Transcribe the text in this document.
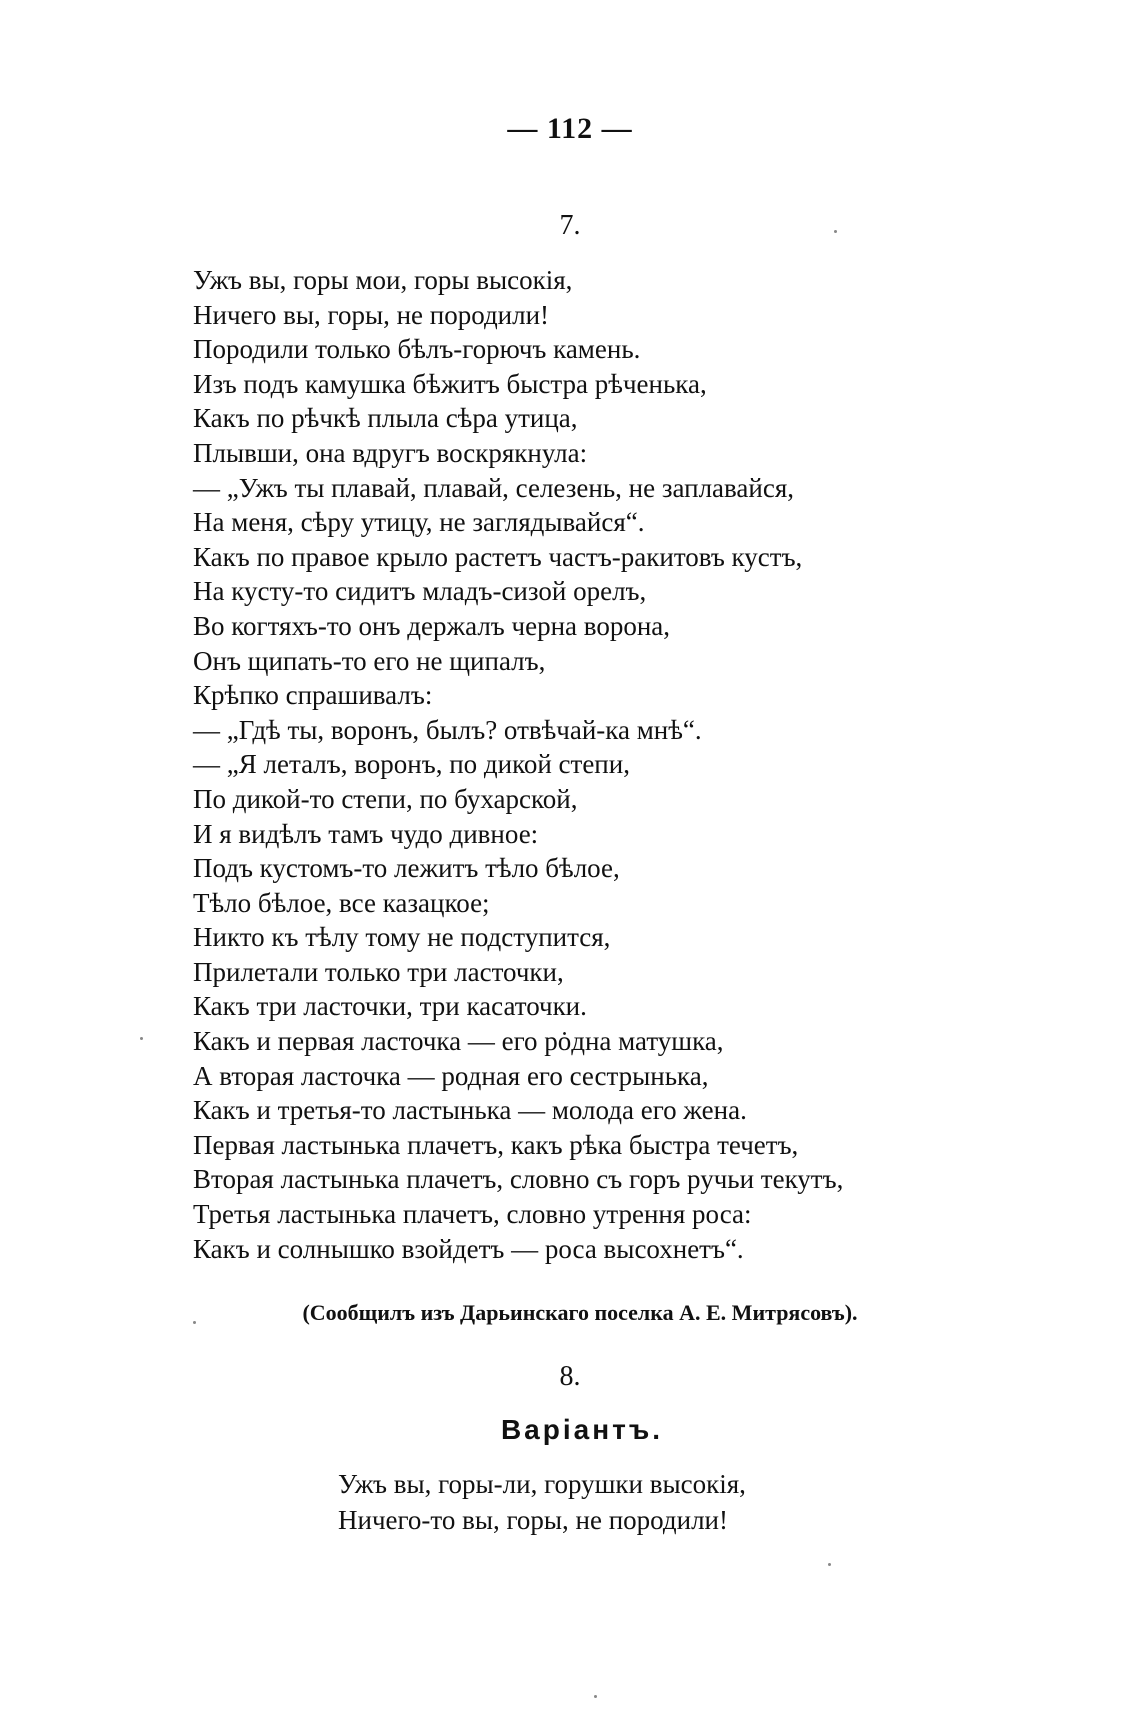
— 112 —
7.
Ужъ вы, горы мои, горы высокія,
Ничего вы, горы, не породили!
Породили только бѣлъ-горючъ камень.
Изъ подъ камушка бѣжитъ быстра рѣченька,
Какъ по рѣчкѣ плыла сѣра утица,
Плывши, она вдругъ воскрякнула:
— „Ужъ ты плавай, плавай, селезень, не заплавайся,
На меня, сѣру утицу, не заглядывайся“.
Какъ по правое крыло растетъ частъ-ракитовъ кустъ,
На кусту-то сидитъ младъ-сизой орелъ,
Во когтяхъ-то онъ держалъ черна ворона,
Онъ щипать-то его не щипалъ,
Крѣпко спрашивалъ:
— „Гдѣ ты, воронъ, былъ? отвѣчай-ка мнѣ“.
— „Я леталъ, воронъ, по дикой степи,
По дикой-то степи, по бухарской,
И я видѣлъ тамъ чудо дивное:
Подъ кустомъ-то лежитъ тѣло бѣлое,
Тѣло бѣлое, все казацкое;
Никто къ тѣлу тому не подступится,
Прилетали только три ласточки,
Какъ три ласточки, три касаточки.
Какъ и первая ласточка — его рȯдна матушка,
А вторая ласточка — родная его сестрынька,
Какъ и третья-то ластынька — молода его жена.
Первая ластынька плачетъ, какъ рѣка быстра течетъ,
Вторая ластынька плачетъ, словно съ горъ ручьи текутъ,
Третья ластынька плачетъ, словно утрення роса:
Какъ и солнышко взойдетъ — роса высохнетъ“.
(Сообщилъ изъ Дарьинскаго поселка А. Е. Митрясовъ).
8.
Варіантъ.
Ужъ вы, горы-ли, горушки высокія,
Ничего-то вы, горы, не породили!
